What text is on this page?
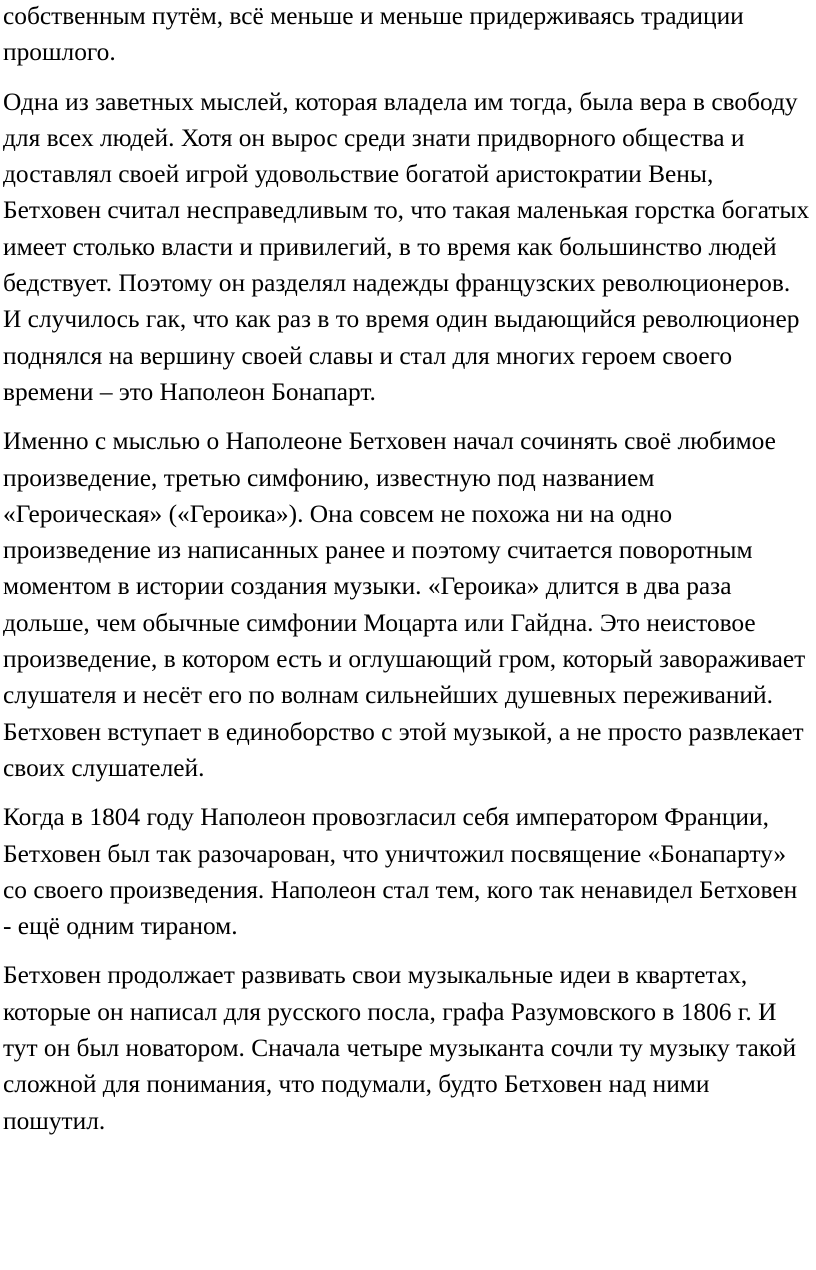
собственным путём, всё меньше и меньше придерживаясь традиции прошлого.

Одна из заветных мыслей, которая владела им тогда, была вера в свободу для всех людей. Хотя он вырос среди знати придворного общества и доставлял своей игрой удовольствие богатой аристократии Вены, Бетховен считал несправедливым то, что такая маленькая горстка богатых имеет столько власти и привилегий, в то время как большинство людей бедствует. Поэтому он разделял надежды французских революционеров. И случилось гак, что как раз в то время один выдающийся революционер поднялся на вершину своей славы и стал для многих героем своего времени – это Наполеон Бонапарт.

Именно с мыслью о Наполеоне Бетховен начал сочинять своё любимое произведение, третью симфонию, известную под названием «Героическая» («Героика»). Она совсем не похожа ни на одно произведение из написанных ранее и поэтому считается поворотным моментом в истории создания музыки. «Героика» длится в два раза дольше, чем обычные симфонии Моцарта или Гайдна. Это неистовое произведение, в котором есть и оглушающий гром, который завораживает слушателя и несёт его по волнам сильнейших душевных переживаний. Бетховен вступает в единоборство с этой музыкой, а не просто развлекает своих слушателей.

Когда в 1804 году Наполеон провозгласил себя императором Франции, Бетховен был так разочарован, что уничтожил посвящение «Бонапарту» со своего произведения. Наполеон стал тем, кого так ненавидел Бетховен - ещё одним тираном.

Бетховен продолжает развивать свои музыкальные идеи в квартетах, которые он написал для русского посла, графа Разумовского в 1806 г. И тут он был новатором. Сначала четыре музыканта сочли ту музыку такой сложной для понимания, что подумали, будто Бетховен над ними пошутил.
